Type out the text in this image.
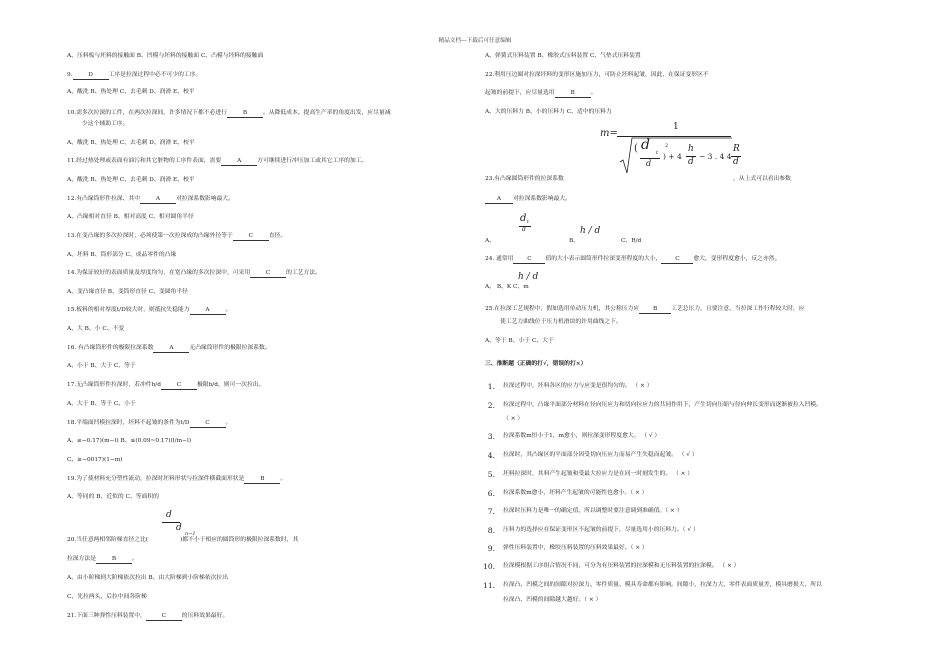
精品文档---下载后可任意编辑
A、压料板与坯料的接触面 B、凹模与坯料的接触面 C、凸模与坯料的接触面
9.	D	工序是拉深过程中必不可少的工序。
A、酸洗 B、热处理 C、去毛刺 D、润滑 E、校平
10.需多次拉深的工件，在两次拉深间，许多情况下都不必进行	B	。从降低成本、提高生产率的角度出发，应尽量减
少这个辅助工序。
A、酸洗 B、热处理 C、去毛刺 D、润滑 E、校平
11.经过热处理或表面有油污和其它脏物的工序件表面，需要	A	方可继续进行冲压加工或其它工序的加工。
A、酸洗 B、热处理 C、去毛刺 D、润滑 E、校平
12.有凸缘筒形件拉深、其中	A	对拉深系数影响最大。
A、凸缘相对直径 B、相对高度 C、相对圆角半径
13.在变凸缘的多次拉深时，必须使第一次拉深成的凸缘外径等于	C	直径。
A、坯料 B、筒形部分 C、成品零件的凸缘
14.为保证较好的表面质量及厚度均匀，在宽凸缘的多次拉深中，可采用	C	的工艺方法。
A、变凸缘直径 B、变筒形直径 C、变圆角半径
15.板料的相对厚度t/D较大时，则抵抗失稳能力	A	。
A、大 B、小 C、不变
16. 有凸缘筒形件的极限拉深系数	A	无凸缘筒形件的极限拉深系数。
A、小于 B、大于 C、等于
17.无凸缘筒形件拉深时，若冲件h/d	C	极限h/d，则可一次拉出。
A、大于 B、等于 C、小于
18.平端面凹模拉深时，坯料不起皱的条件为t/D	C	。
A、≥−0.17)(m−l) B、≤(0.09~0.17)(l/m−l)
C、≥−0017)(1−m)
19.为了使材料充分塑性流动，拉深时坯料形状与拉深件横截面形状是	B	。
A、等同的 B、近似的 C、等面积的
d
d
n−1
20.当任意两相邻阶梯直径之比(	)都不小于相应的圆筒形的极限拉深系数时，其
拉深方法是	B	。
A、由小阶梯到大阶梯依次拉出 B、由大阶梯到小阶梯依次拉出
C、先拉两头，后拉中间各阶梯
21.下面三种弹性压料装置中，	C	的压料效果最好。
A、弹簧式压料装置 B、橡胶式压料装置 C、气垫式压料装置
22.利用压边圈对拉深坯料的变形区施加压力，可防止坯料起皱，因此，在保证变形区不
起皱的前提下，应尽量选用	B	。
A、大的压料力 B、小的压料力 C、适中的压料力
m=
1
( d t
d
2
) + 4
h
d
− 3 . 4 4
R
d
23.有凸缘圆筒形件的拉深系数	，从上式可以看出参数
A 对拉深系数影响最大。
d t
d
A、	B、
h / d
C、R/d
24. 通常用 C 值的大小表示圆筒形件拉深变形程度的大小， C 愈大，变形程度愈小，反之亦然。
h / d
A、 B、K C、m
25.在拉深工艺规程中，假如选用单动压力机，其公称压力应 B 工艺总压力，且要注意，当拉深工作行程较大时，应
使工艺力曲线位于压力机滑块的许用曲线之下。
A、等于 B、小于 C、大于
三、推断题（正确的打√，错误的打×）
1. 拉深过程中，坯料各区的应力与应变是很均匀的。 （ × ）
2. 拉深过程中，凸缘平面部分材料在径向压应力和切向拉应力的共同作用下，产生切向压缩与径向伸长变形而逐渐被拉入凹模。
（ × ）
3. 拉深系数m恒小于1，m愈小，则拉深变形程度愈大。 （ √ ）
4. 拉深时，其凸缘区的平面部分因受切向压应力而易产生失稳而起皱。 （ √ ）
5. 坯料拉深时，其料产生起皱和受最大拉应力是在同一时刻发生的。 （ × ）
6. 拉深系数m愈小，坯料产生起皱的可能性也愈小。（ × ）
7. 拉深时压料力是唯一的确定值，所以调整时要注意调到准确值。（ × ）
8. 压料力的选择应在保证变形区不起皱的前提下，尽量选用小的压料力。（ √ ）
9. 弹性压料装置中，橡胶压料装置的压料效果最好。（ × ）
10. 拉深模根据工序组合情况不同，可分为有压料装置的拉深模和无压料装置的拉深模。 （ × ）
11. 拉深凸、凹模之间的间隙对拉深力、零件质量、模具寿命都有影响。间隙小，拉深力大，零件表面质量差，模具磨损大，所以
拉深凸、凹模的间隙越大越好。（ × ）
